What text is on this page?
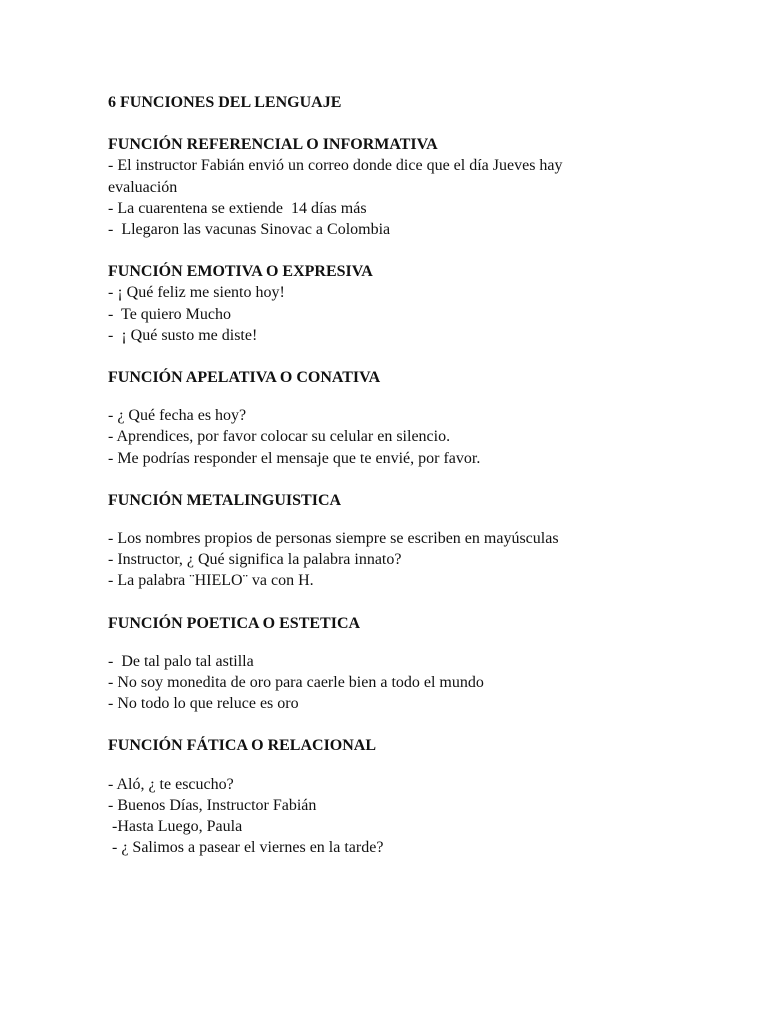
6 FUNCIONES DEL LENGUAJE

FUNCIÓN REFERENCIAL O INFORMATIVA

- El instructor Fabián envió un correo donde dice que el día Jueves hay

evaluación

- La cuarentena se extiende  14 días más

-  Llegaron las vacunas Sinovac a Colombia

FUNCIÓN EMOTIVA O EXPRESIVA

- ¡ Qué feliz me siento hoy!

-  Te quiero Mucho

-  ¡ Qué susto me diste!

FUNCIÓN APELATIVA O CONATIVA

- ¿ Qué fecha es hoy?

- Aprendices, por favor colocar su celular en silencio.

- Me podrías responder el mensaje que te envié, por favor.

FUNCIÓN METALINGUISTICA

- Los nombres propios de personas siempre se escriben en mayúsculas

- Instructor, ¿ Qué significa la palabra innato?

- La palabra ¨HIELO¨ va con H.

FUNCIÓN POETICA O ESTETICA

-  De tal palo tal astilla

- No soy monedita de oro para caerle bien a todo el mundo

- No todo lo que reluce es oro

FUNCIÓN FÁTICA O RELACIONAL

- Aló, ¿ te escucho?

- Buenos Días, Instructor Fabián

-Hasta Luego, Paula

- ¿ Salimos a pasear el viernes en la tarde?
